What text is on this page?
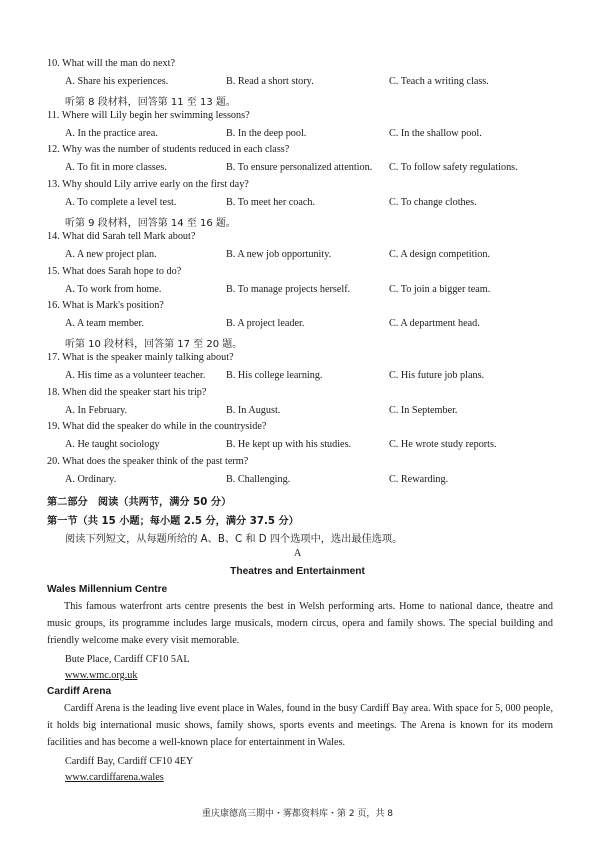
10. What will the man do next?
A. Share his experiences.	B. Read a short story.	C. Teach a writing class.
听第 8 段材料，回答第 11 至 13 题。
11. Where will Lily begin her swimming lessons?
A. In the practice area.	B. In the deep pool.	C. In the shallow pool.
12. Why was the number of students reduced in each class?
A. To fit in more classes.	B. To ensure personalized attention. C. To follow safety regulations.
13. Why should Lily arrive early on the first day?
A. To complete a level test.	B. To meet her coach.	C. To change clothes.
听第 9 段材料，回答第 14 至 16 题。
14. What did Sarah tell Mark about?
A. A new project plan.	B. A new job opportunity.	C. A design competition.
15. What does Sarah hope to do?
A. To work from home.	B. To manage projects herself.	C. To join a bigger team.
16. What is Mark's position?
A. A team member.	B. A project leader.	C. A department head.
听第 10 段材料，回答第 17 至 20 题。
17. What is the speaker mainly talking about?
A. His time as a volunteer teacher. B. His college learning.	C. His future job plans.
18. When did the speaker start his trip?
A. In February.	B. In August.	C. In September.
19. What did the speaker do while in the countryside?
A. He taught sociology	B. He kept up with his studies.	C. He wrote study reports.
20. What does the speaker think of the past term?
A. Ordinary.	B. Challenging.	C. Rewarding.
第二部分　阅读（共两节，满分 50 分）
第一节（共 15 小题；每小题 2.5 分，满分 37.5 分）
阅读下列短文，从每题所给的 A、B、C 和 D 四个选项中，选出最佳选项。
A
Theatres and Entertainment
Wales Millennium Centre
This famous waterfront arts centre presents the best in Welsh performing arts. Home to national dance, theatre and music groups, its programme includes large musicals, modern circus, opera and family shows. The special building and friendly welcome make every visit memorable.
Bute Place, Cardiff CF10 5AL
www.wmc.org.uk
Cardiff Arena
Cardiff Arena is the leading live event place in Wales, found in the busy Cardiff Bay area. With space for 5, 000 people, it holds big international music shows, family shows, sports events and meetings. The Arena is known for its modern facilities and has become a well-known place for entertainment in Wales.
Cardiff Bay, Cardiff CF10 4EY
www.cardiffarena.wales
重庆康德高三期中・雾都资料库・第 2 页，共 8
